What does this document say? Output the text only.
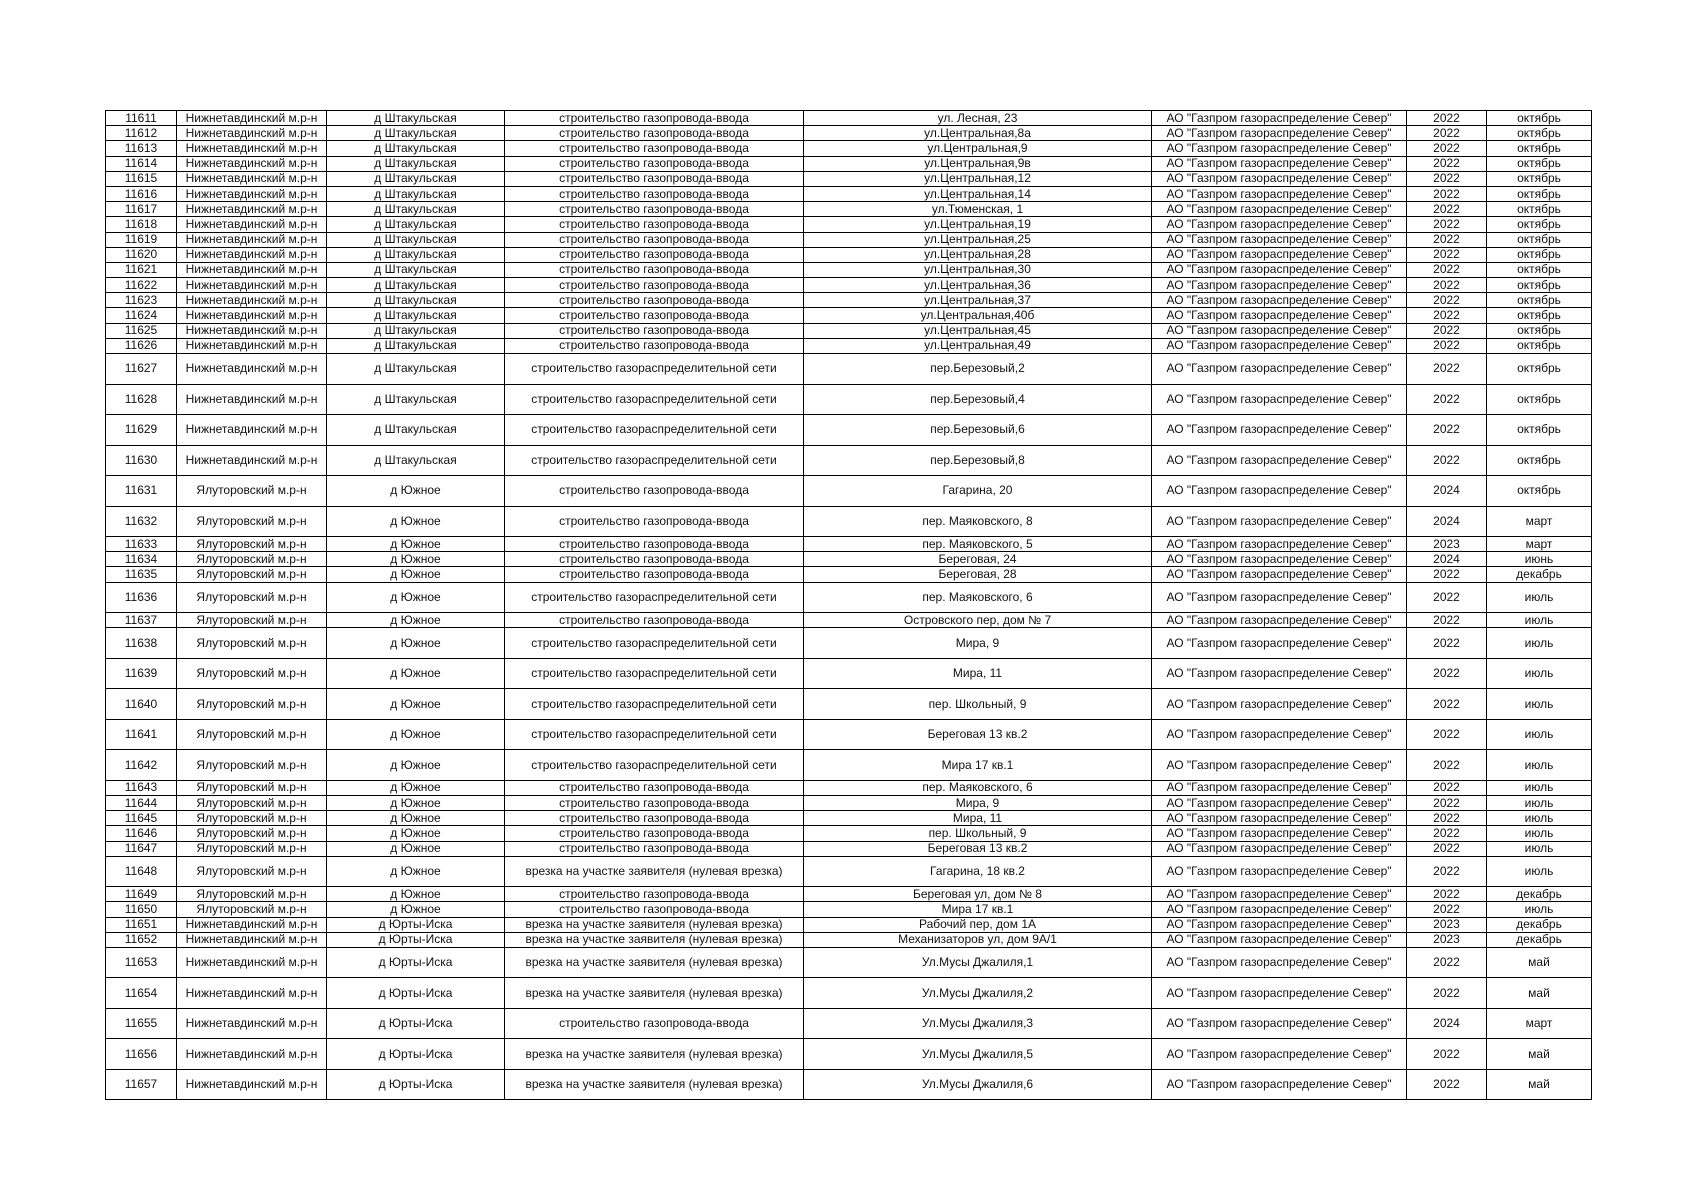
11611	Нижнетавдинский м.р-н	д Штакульская	строительство газопровода-ввода	ул. Лесная, 23	АО "Газпром газораспределение Север"	2022	октябрь
11612	Нижнетавдинский м.р-н	д Штакульская	строительство газопровода-ввода	ул.Центральная,8а	АО "Газпром газораспределение Север"	2022	октябрь
11613	Нижнетавдинский м.р-н	д Штакульская	строительство газопровода-ввода	ул.Центральная,9	АО "Газпром газораспределение Север"	2022	октябрь
11614	Нижнетавдинский м.р-н	д Штакульская	строительство газопровода-ввода	ул.Центральная,9в	АО "Газпром газораспределение Север"	2022	октябрь
11615	Нижнетавдинский м.р-н	д Штакульская	строительство газопровода-ввода	ул.Центральная,12	АО "Газпром газораспределение Север"	2022	октябрь
11616	Нижнетавдинский м.р-н	д Штакульская	строительство газопровода-ввода	ул.Центральная,14	АО "Газпром газораспределение Север"	2022	октябрь
11617	Нижнетавдинский м.р-н	д Штакульская	строительство газопровода-ввода	ул.Тюменская, 1	АО "Газпром газораспределение Север"	2022	октябрь
11618	Нижнетавдинский м.р-н	д Штакульская	строительство газопровода-ввода	ул.Центральная,19	АО "Газпром газораспределение Север"	2022	октябрь
11619	Нижнетавдинский м.р-н	д Штакульская	строительство газопровода-ввода	ул.Центральная,25	АО "Газпром газораспределение Север"	2022	октябрь
11620	Нижнетавдинский м.р-н	д Штакульская	строительство газопровода-ввода	ул.Центральная,28	АО "Газпром газораспределение Север"	2022	октябрь
11621	Нижнетавдинский м.р-н	д Штакульская	строительство газопровода-ввода	ул.Центральная,30	АО "Газпром газораспределение Север"	2022	октябрь
11622	Нижнетавдинский м.р-н	д Штакульская	строительство газопровода-ввода	ул.Центральная,36	АО "Газпром газораспределение Север"	2022	октябрь
11623	Нижнетавдинский м.р-н	д Штакульская	строительство газопровода-ввода	ул.Центральная,37	АО "Газпром газораспределение Север"	2022	октябрь
11624	Нижнетавдинский м.р-н	д Штакульская	строительство газопровода-ввода	ул.Центральная,40б	АО "Газпром газораспределение Север"	2022	октябрь
11625	Нижнетавдинский м.р-н	д Штакульская	строительство газопровода-ввода	ул.Центральная,45	АО "Газпром газораспределение Север"	2022	октябрь
11626	Нижнетавдинский м.р-н	д Штакульская	строительство газопровода-ввода	ул.Центральная,49	АО "Газпром газораспределение Север"	2022	октябрь
11627	Нижнетавдинский м.р-н	д Штакульская	строительство газораспределительной сети	пер.Березовый,2	АО "Газпром газораспределение Север"	2022	октябрь
11628	Нижнетавдинский м.р-н	д Штакульская	строительство газораспределительной сети	пер.Березовый,4	АО "Газпром газораспределение Север"	2022	октябрь
11629	Нижнетавдинский м.р-н	д Штакульская	строительство газораспределительной сети	пер.Березовый,6	АО "Газпром газораспределение Север"	2022	октябрь
11630	Нижнетавдинский м.р-н	д Штакульская	строительство газораспределительной сети	пер.Березовый,8	АО "Газпром газораспределение Север"	2022	октябрь
11631	Ялуторовский м.р-н	д Южное	строительство газопровода-ввода	Гагарина, 20	АО "Газпром газораспределение Север"	2024	октябрь
11632	Ялуторовский м.р-н	д Южное	строительство газопровода-ввода	пер. Маяковского, 8	АО "Газпром газораспределение Север"	2024	март
11633	Ялуторовский м.р-н	д Южное	строительство газопровода-ввода	пер. Маяковского, 5	АО "Газпром газораспределение Север"	2023	март
11634	Ялуторовский м.р-н	д Южное	строительство газопровода-ввода	Береговая, 24	АО "Газпром газораспределение Север"	2024	июнь
11635	Ялуторовский м.р-н	д Южное	строительство газопровода-ввода	Береговая, 28	АО "Газпром газораспределение Север"	2022	декабрь
11636	Ялуторовский м.р-н	д Южное	строительство газораспределительной сети	пер. Маяковского, 6	АО "Газпром газораспределение Север"	2022	июль
11637	Ялуторовский м.р-н	д Южное	строительство газопровода-ввода	Островского пер, дом № 7	АО "Газпром газораспределение Север"	2022	июль
11638	Ялуторовский м.р-н	д Южное	строительство газораспределительной сети	Мира, 9	АО "Газпром газораспределение Север"	2022	июль
11639	Ялуторовский м.р-н	д Южное	строительство газораспределительной сети	Мира, 11	АО "Газпром газораспределение Север"	2022	июль
11640	Ялуторовский м.р-н	д Южное	строительство газораспределительной сети	пер. Школьный, 9	АО "Газпром газораспределение Север"	2022	июль
11641	Ялуторовский м.р-н	д Южное	строительство газораспределительной сети	Береговая 13 кв.2	АО "Газпром газораспределение Север"	2022	июль
11642	Ялуторовский м.р-н	д Южное	строительство газораспределительной сети	Мира 17 кв.1	АО "Газпром газораспределение Север"	2022	июль
11643	Ялуторовский м.р-н	д Южное	строительство газопровода-ввода	пер. Маяковского, 6	АО "Газпром газораспределение Север"	2022	июль
11644	Ялуторовский м.р-н	д Южное	строительство газопровода-ввода	Мира, 9	АО "Газпром газораспределение Север"	2022	июль
11645	Ялуторовский м.р-н	д Южное	строительство газопровода-ввода	Мира, 11	АО "Газпром газораспределение Север"	2022	июль
11646	Ялуторовский м.р-н	д Южное	строительство газопровода-ввода	пер. Школьный, 9	АО "Газпром газораспределение Север"	2022	июль
11647	Ялуторовский м.р-н	д Южное	строительство газопровода-ввода	Береговая 13 кв.2	АО "Газпром газораспределение Север"	2022	июль
11648	Ялуторовский м.р-н	д Южное	врезка на участке заявителя (нулевая врезка)	Гагарина, 18 кв.2	АО "Газпром газораспределение Север"	2022	июль
11649	Ялуторовский м.р-н	д Южное	строительство газопровода-ввода	Береговая ул, дом № 8	АО "Газпром газораспределение Север"	2022	декабрь
11650	Ялуторовский м.р-н	д Южное	строительство газопровода-ввода	Мира 17 кв.1	АО "Газпром газораспределение Север"	2022	июль
11651	Нижнетавдинский м.р-н	д Юрты-Иска	врезка на участке заявителя (нулевая врезка)	Рабочий пер, дом 1А	АО "Газпром газораспределение Север"	2023	декабрь
11652	Нижнетавдинский м.р-н	д Юрты-Иска	врезка на участке заявителя (нулевая врезка)	Механизаторов ул, дом 9А/1	АО "Газпром газораспределение Север"	2023	декабрь
11653	Нижнетавдинский м.р-н	д Юрты-Иска	врезка на участке заявителя (нулевая врезка)	Ул.Мусы Джалиля,1	АО "Газпром газораспределение Север"	2022	май
11654	Нижнетавдинский м.р-н	д Юрты-Иска	врезка на участке заявителя (нулевая врезка)	Ул.Мусы Джалиля,2	АО "Газпром газораспределение Север"	2022	май
11655	Нижнетавдинский м.р-н	д Юрты-Иска	строительство газопровода-ввода	Ул.Мусы Джалиля,3	АО "Газпром газораспределение Север"	2024	март
11656	Нижнетавдинский м.р-н	д Юрты-Иска	врезка на участке заявителя (нулевая врезка)	Ул.Мусы Джалиля,5	АО "Газпром газораспределение Север"	2022	май
11657	Нижнетавдинский м.р-н	д Юрты-Иска	врезка на участке заявителя (нулевая врезка)	Ул.Мусы Джалиля,6	АО "Газпром газораспределение Север"	2022	май
